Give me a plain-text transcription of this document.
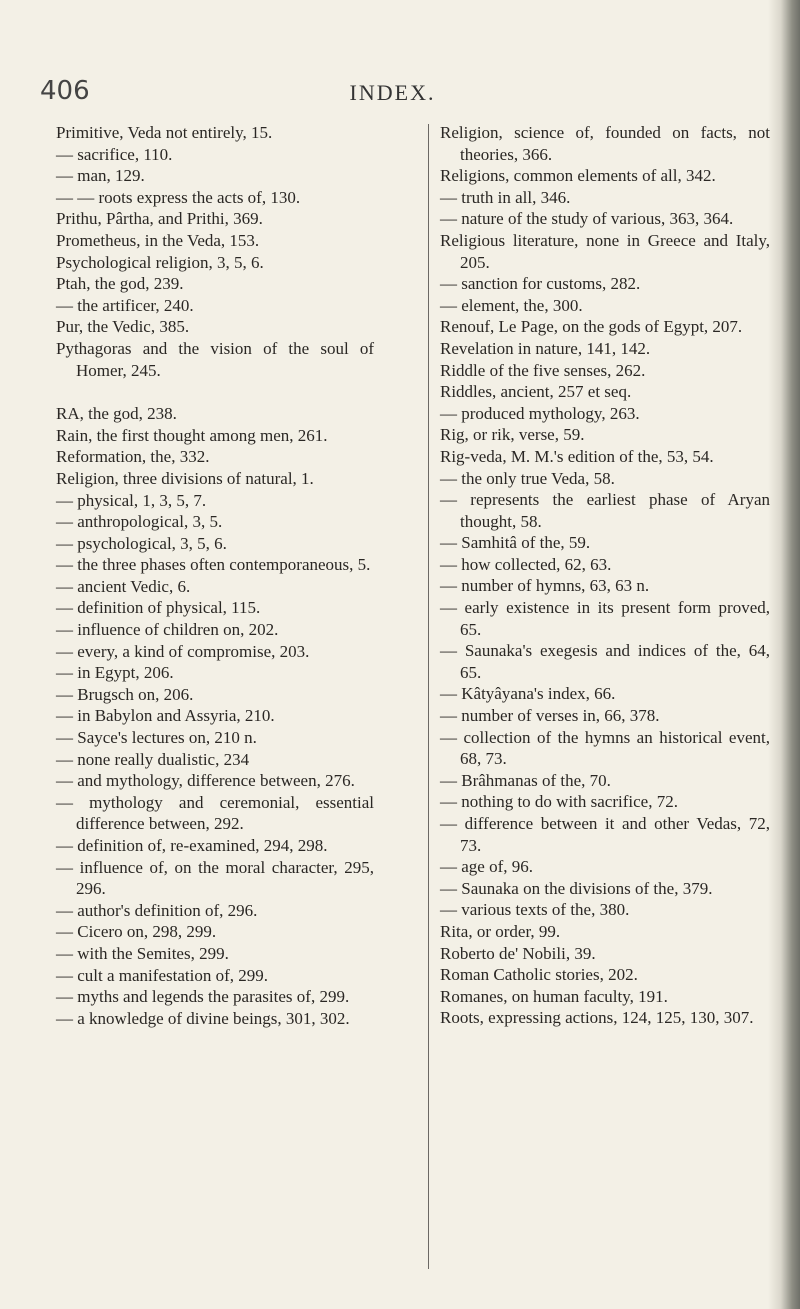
406	INDEX.
Primitive, Veda not entirely, 15.
— sacrifice, 110.
— man, 129.
— — roots express the acts of, 130.
Prithu, Pârtha, and Prithi, 369.
Prometheus, in the Veda, 153.
Psychological religion, 3, 5, 6.
Ptah, the god, 239.
— the artificer, 240.
Pur, the Vedic, 385.
Pythagoras and the vision of the soul of Homer, 245.
RA, the god, 238.
Rain, the first thought among men, 261.
Reformation, the, 332.
Religion, three divisions of natural, 1.
— physical, 1, 3, 5, 7.
— anthropological, 3, 5.
— psychological, 3, 5, 6.
— the three phases often contemporaneous, 5.
— ancient Vedic, 6.
— definition of physical, 115.
— influence of children on, 202.
— every, a kind of compromise, 203.
— in Egypt, 206.
— Brugsch on, 206.
— in Babylon and Assyria, 210.
— Sayce's lectures on, 210 n.
— none really dualistic, 234
— and mythology, difference between, 276.
— mythology and ceremonial, essential difference between, 292.
— definition of, re-examined, 294, 298.
— influence of, on the moral character, 295, 296.
— author's definition of, 296.
— Cicero on, 298, 299.
— with the Semites, 299.
— cult a manifestation of, 299.
— myths and legends the parasites of, 299.
— a knowledge of divine beings, 301, 302.
Religion, science of, founded on facts, not theories, 366.
Religions, common elements of all, 342.
— truth in all, 346.
— nature of the study of various, 363, 364.
Religious literature, none in Greece and Italy, 205.
— sanction for customs, 282.
— element, the, 300.
Renouf, Le Page, on the gods of Egypt, 207.
Revelation in nature, 141, 142.
Riddle of the five senses, 262.
Riddles, ancient, 257 et seq.
— produced mythology, 263.
Rig, or rik, verse, 59.
Rig-veda, M. M.'s edition of the, 53, 54.
— the only true Veda, 58.
— represents the earliest phase of Aryan thought, 58.
— Samhitâ of the, 59.
— how collected, 62, 63.
— number of hymns, 63, 63 n.
— early existence in its present form proved, 65.
— Saunaka's exegesis and indices of the, 64, 65.
— Kâtyâyana's index, 66.
— number of verses in, 66, 378.
— collection of the hymns an historical event, 68, 73.
— Brâhmanas of the, 70.
— nothing to do with sacrifice, 72.
— difference between it and other Vedas, 72, 73.
— age of, 96.
— Saunaka on the divisions of the, 379.
— various texts of the, 380.
Rita, or order, 99.
Roberto de' Nobili, 39.
Roman Catholic stories, 202.
Romanes, on human faculty, 191.
Roots, expressing actions, 124, 125, 130, 307.
